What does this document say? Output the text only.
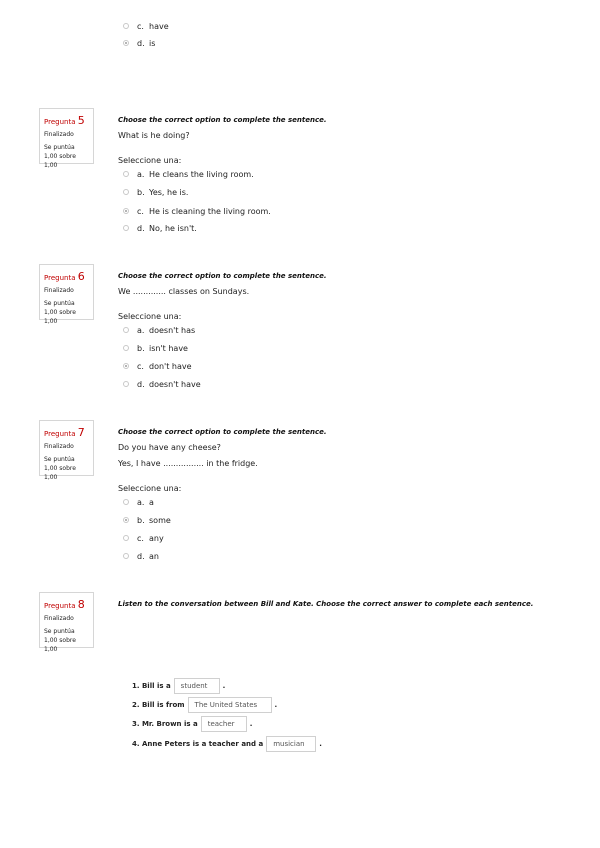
c. have
d. is
Pregunta 5
Finalizado
Se puntúa 1,00 sobre 1,00
Choose the correct option to complete the sentence.
What is he doing?
Seleccione una:
a. He cleans the living room.
b. Yes, he is.
c. He is cleaning the living room.
d. No, he isn't.
Pregunta 6
Finalizado
Se puntúa 1,00 sobre 1,00
Choose the correct option to complete the sentence.
We ............. classes on Sundays.
Seleccione una:
a. doesn't has
b. isn't have
c. don't have
d. doesn't have
Pregunta 7
Finalizado
Se puntúa 1,00 sobre 1,00
Choose the correct option to complete the sentence.
Do you have any cheese?
Yes, I have ................ in the fridge.
Seleccione una:
a. a
b. some
c. any
d. an
Pregunta 8
Finalizado
Se puntúa 1,00 sobre 1,00
Listen to the conversation between Bill and Kate. Choose the correct answer to complete each sentence.
1. Bill is a	student	.
2. Bill is from	The United States	.
3. Mr. Brown is a	teacher	.
4. Anne Peters is a teacher and a	musician	.
